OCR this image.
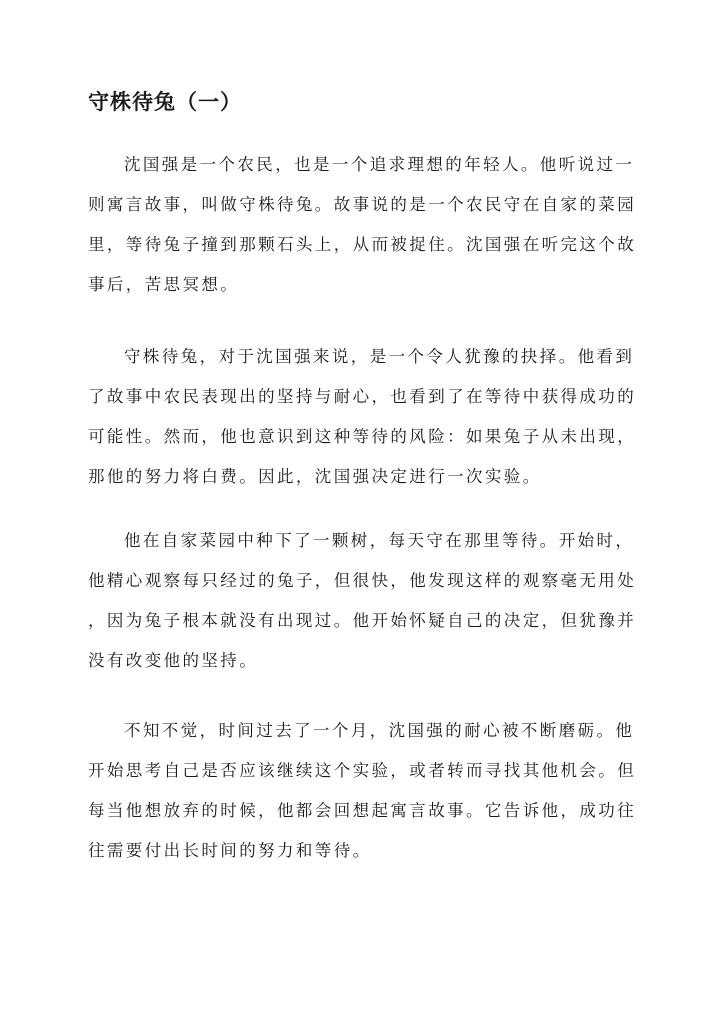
守株待兔（一）
沈国强是一个农民，也是一个追求理想的年轻人。他听说过一
则寓言故事，叫做守株待兔。故事说的是一个农民守在自家的菜园
里，等待兔子撞到那颗石头上，从而被捉住。沈国强在听完这个故
事后，苦思冥想。
守株待兔，对于沈国强来说，是一个令人犹豫的抉择。他看到
了故事中农民表现出的坚持与耐心，也看到了在等待中获得成功的
可能性。然而，他也意识到这种等待的风险：如果兔子从未出现，
那他的努力将白费。因此，沈国强决定进行一次实验。
他在自家菜园中种下了一颗树，每天守在那里等待。开始时，
他精心观察每只经过的兔子，但很快，他发现这样的观察毫无用处
，因为兔子根本就没有出现过。他开始怀疑自己的决定，但犹豫并
没有改变他的坚持。
不知不觉，时间过去了一个月，沈国强的耐心被不断磨砺。他
开始思考自己是否应该继续这个实验，或者转而寻找其他机会。但
每当他想放弃的时候，他都会回想起寓言故事。它告诉他，成功往
往需要付出长时间的努力和等待。
